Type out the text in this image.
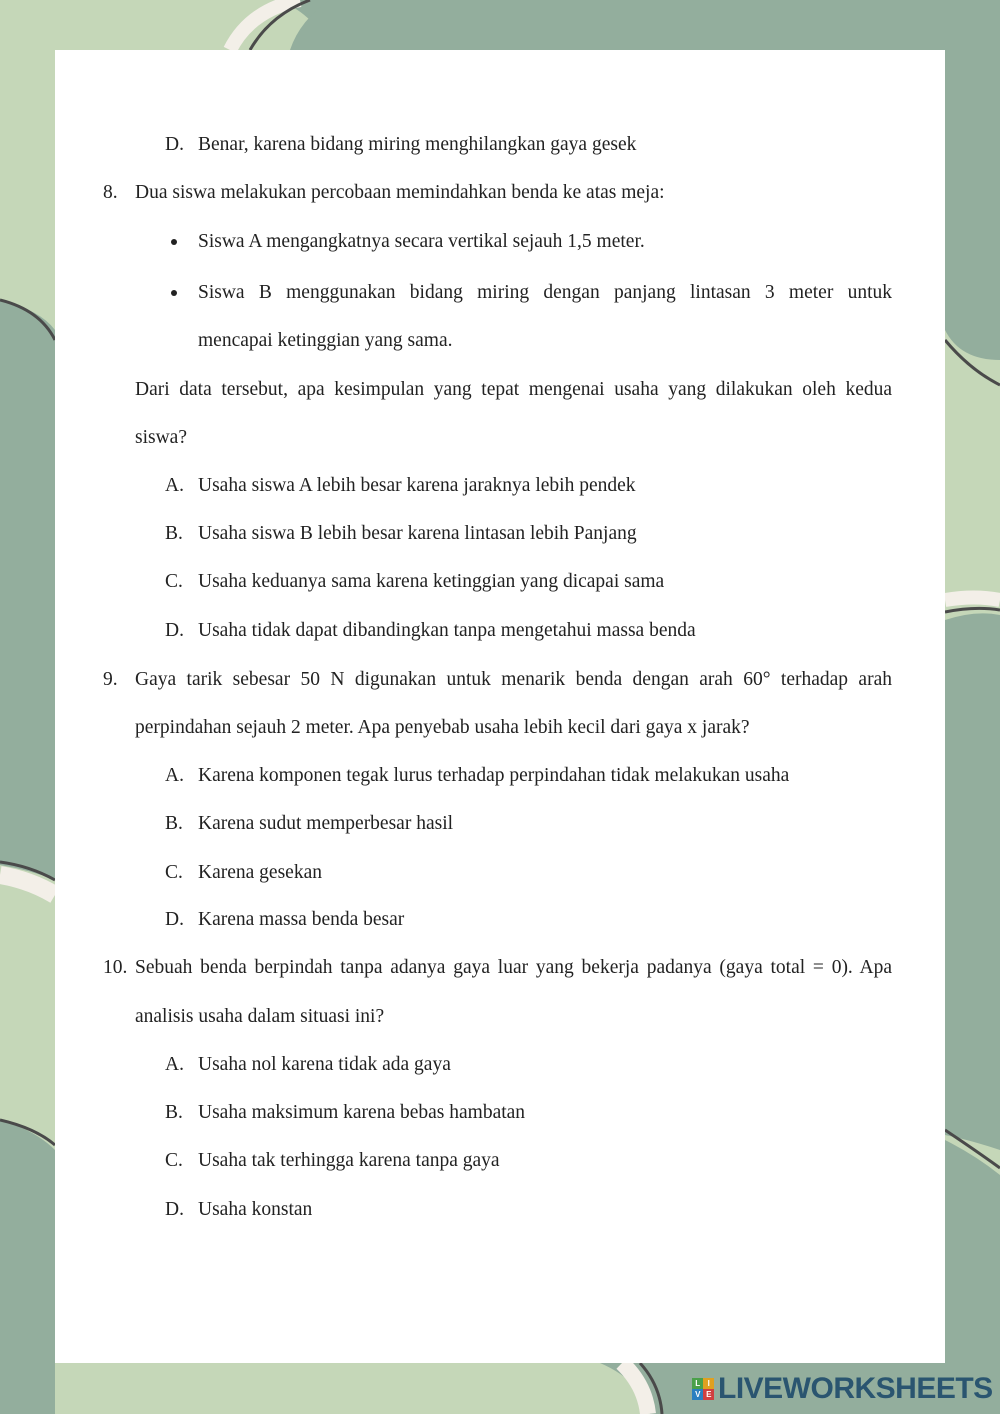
D. Benar, karena bidang miring menghilangkan gaya gesek
8. Dua siswa melakukan percobaan memindahkan benda ke atas meja:
Siswa A mengangkatnya secara vertikal sejauh 1,5 meter.
Siswa B menggunakan bidang miring dengan panjang lintasan 3 meter untuk
mencapai ketinggian yang sama.
Dari data tersebut, apa kesimpulan yang tepat mengenai usaha yang dilakukan oleh kedua
siswa?
A. Usaha siswa A lebih besar karena jaraknya lebih pendek
B. Usaha siswa B lebih besar karena lintasan lebih Panjang
C. Usaha keduanya sama karena ketinggian yang dicapai sama
D. Usaha tidak dapat dibandingkan tanpa mengetahui massa benda
9. Gaya tarik sebesar 50 N digunakan untuk menarik benda dengan arah 60° terhadap arah
perpindahan sejauh 2 meter. Apa penyebab usaha lebih kecil dari gaya x jarak?
A. Karena komponen tegak lurus terhadap perpindahan tidak melakukan usaha
B. Karena sudut memperbesar hasil
C. Karena gesekan
D. Karena massa benda besar
10. Sebuah benda berpindah tanpa adanya gaya luar yang bekerja padanya (gaya total = 0). Apa
analisis usaha dalam situasi ini?
A. Usaha nol karena tidak ada gaya
B. Usaha maksimum karena bebas hambatan
C. Usaha tak terhingga karena tanpa gaya
D. Usaha konstan
L I
V E LIVEWORKSHEETS
